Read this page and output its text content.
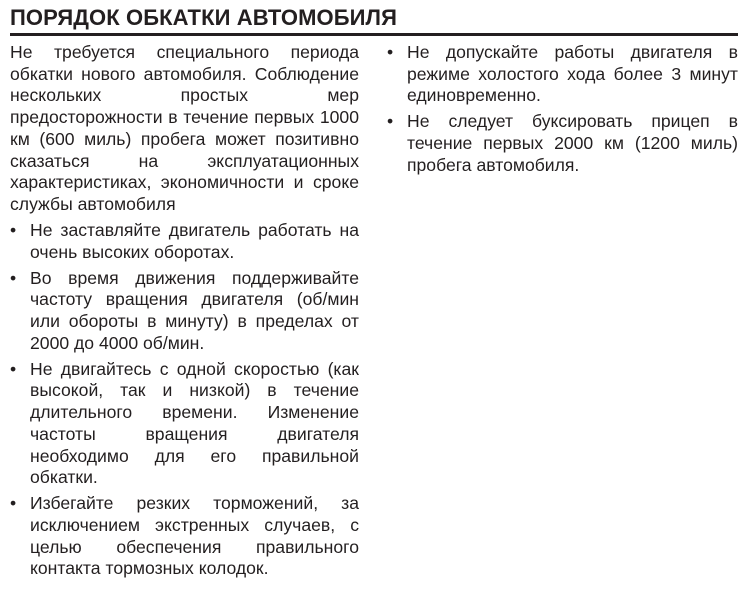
ПОРЯДОК ОБКАТКИ АВТОМОБИЛЯ

Не требуется специального периода обкатки нового автомобиля. Соблюдение нескольких простых мер предосторожности в течение первых 1000 км (600 миль) пробега может позитивно сказаться на эксплуатационных характеристиках, экономичности и сроке службы автомобиля

• Не заставляйте двигатель работать на очень высоких оборотах.
• Во время движения поддерживайте частоту вращения двигателя (об/мин или обороты в минуту) в пределах от 2000 до 4000 об/мин.
• Не двигайтесь с одной скоростью (как высокой, так и низкой) в течение длительного времени. Изменение частоты вращения двигателя необходимо для его правильной обкатки.
• Избегайте резких торможений, за исключением экстренных случаев, с целью обеспечения правильного контакта тормозных колодок.
• Не допускайте работы двигателя в режиме холостого хода более 3 минут единовременно.
• Не следует буксировать прицеп в течение первых 2000 км (1200 миль) пробега автомобиля.
